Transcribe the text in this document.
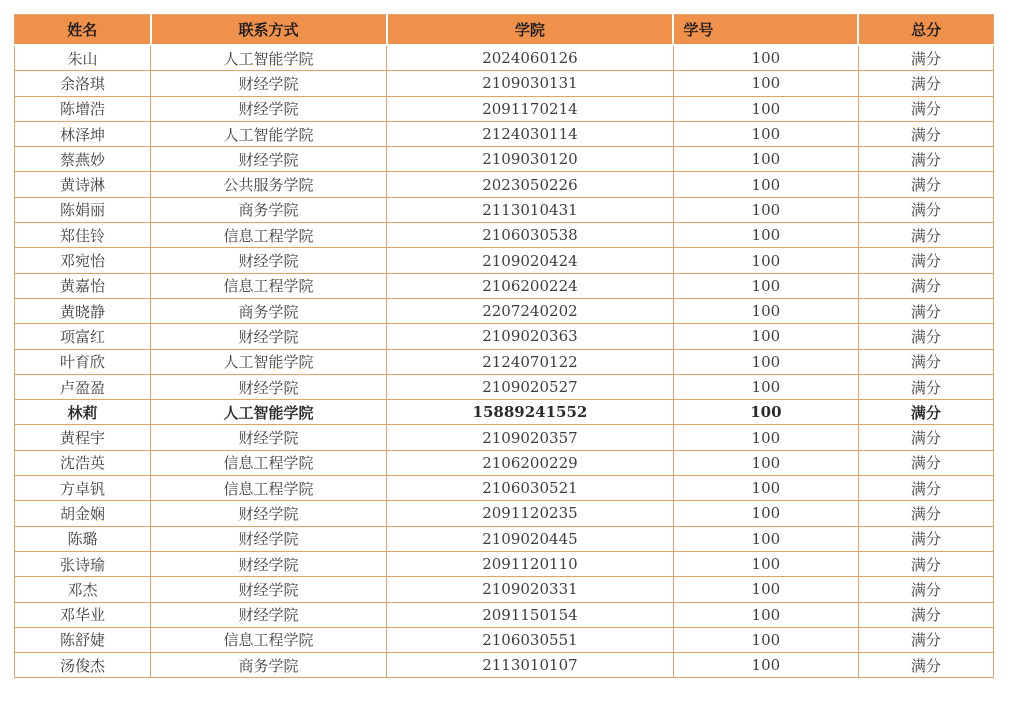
姓名	联系方式	学院	学号	总分
朱山	人工智能学院	2024060126	100	满分
余洛琪	财经学院	2109030131	100	满分
陈增浩	财经学院	2091170214	100	满分
林泽坤	人工智能学院	2124030114	100	满分
蔡燕妙	财经学院	2109030120	100	满分
黄诗淋	公共服务学院	2023050226	100	满分
陈娟丽	商务学院	2113010431	100	满分
郑佳铃	信息工程学院	2106030538	100	满分
邓宛怡	财经学院	2109020424	100	满分
黄嘉怡	信息工程学院	2106200224	100	满分
黄晓静	商务学院	2207240202	100	满分
项富红	财经学院	2109020363	100	满分
叶育欣	人工智能学院	2124070122	100	满分
卢盈盈	财经学院	2109020527	100	满分
林莉	人工智能学院	15889241552	100	满分
黄程宇	财经学院	2109020357	100	满分
沈浩英	信息工程学院	2106200229	100	满分
方卓钒	信息工程学院	2106030521	100	满分
胡金娴	财经学院	2091120235	100	满分
陈璐	财经学院	2109020445	100	满分
张诗瑜	财经学院	2091120110	100	满分
邓杰	财经学院	2109020331	100	满分
邓华业	财经学院	2091150154	100	满分
陈舒婕	信息工程学院	2106030551	100	满分
汤俊杰	商务学院	2113010107	100	满分
